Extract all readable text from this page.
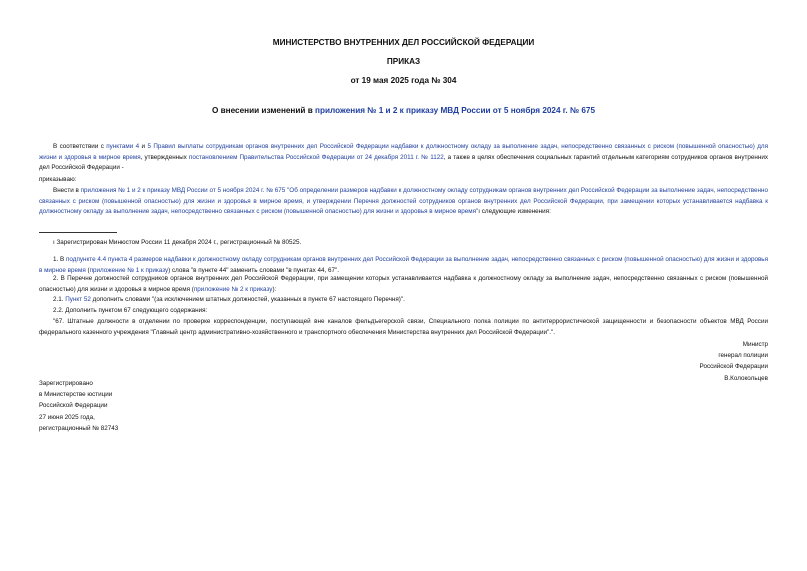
МИНИСТЕРСТВО ВНУТРЕННИХ ДЕЛ РОССИЙСКОЙ ФЕДЕРАЦИИ
ПРИКАЗ
от 19 мая 2025 года № 304
О внесении изменений в приложения № 1 и 2 к приказу МВД России от 5 ноября 2024 г. № 675
В соответствии с пунктами 4 и 5 Правил выплаты сотрудникам органов внутренних дел Российской Федерации надбавки к должностному окладу за выполнение задач, непосредственно связанных с риском (повышенной опасностью) для жизни и здоровья в мирное время, утвержденных постановлением Правительства Российской Федерации от 24 декабря 2011 г. № 1122, а также в целях обеспечения социальных гарантий отдельным категориям сотрудников органов внутренних дел Российской Федерации -
приказываю:
Внести в приложения № 1 и 2 к приказу МВД России от 5 ноября 2024 г. № 675 "Об определении размеров надбавки к должностному окладу сотрудникам органов внутренних дел Российской Федерации за выполнение задач, непосредственно связанных с риском (повышенной опасностью) для жизни и здоровья в мирное время, и утверждении Перечня должностей сотрудников органов внутренних дел Российской Федерации, при замещении которых устанавливается надбавка к должностному окладу за выполнение задач, непосредственно связанных с риском (повышенной опасностью) для жизни и здоровья в мирное время"ı следующие изменения:
ı Зарегистрирован Минюстом России 11 декабря 2024 г., регистрационный № 80525.
1. В подпункте 4.4 пункта 4 размеров надбавки к должностному окладу сотрудникам органов внутренних дел Российской Федерации за выполнение задач, непосредственно связанных с риском (повышенной опасностью) для жизни и здоровья в мирное время (приложение № 1 к приказу) слова "в пункте 44" заменить словами "в пунктах 44, 67".
2. В Перечне должностей сотрудников органов внутренних дел Российской Федерации, при замещении которых устанавливается надбавка к должностному окладу за выполнение задач, непосредственно связанных с риском (повышенной опасностью) для жизни и здоровья в мирное время (приложение № 2 к приказу):
2.1. Пункт 52 дополнить словами "(за исключением штатных должностей, указанных в пункте 67 настоящего Перечня)".
2.2. Дополнить пунктом 67 следующего содержания:
"67. Штатные должности в отделении по проверке корреспонденции, поступающей вне каналов фельдъегерской связи, Специального полка полиции по антитеррористической защищенности и безопасности объектов МВД России федерального казенного учреждения "Главный центр административно-хозяйственного и транспортного обеспечения Министерства внутренних дел Российской Федерации".".
Министр
генерал полиции
Российской Федерации
В.Колокольцев
Зарегистрировано
в Министерстве юстиции
Российской Федерации
27 июня 2025 года,
регистрационный № 82743
